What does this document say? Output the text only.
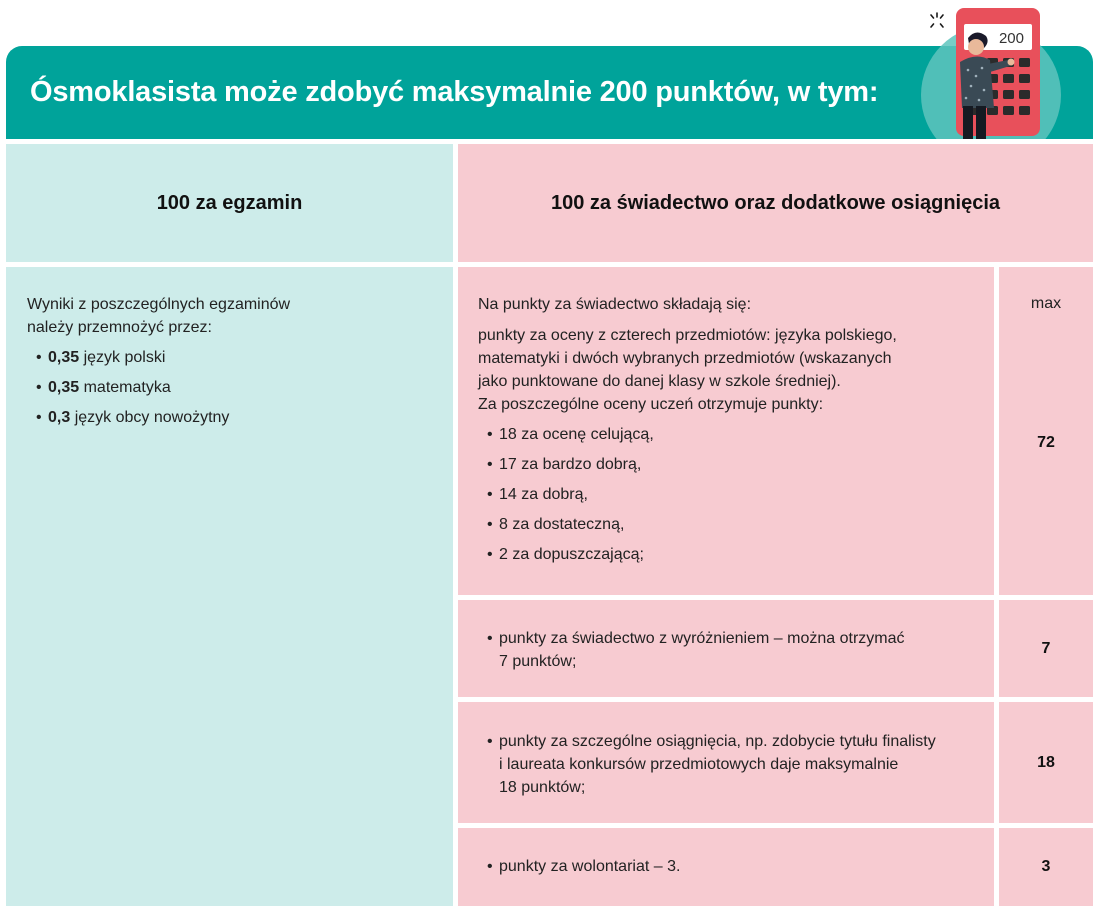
Ósmoklasista może zdobyć maksymalnie 200 punktów, w tym:
200
100 za egzamin	100 za świadectwo oraz dodatkowe osiągnięcia

Wyniki z poszczególnych egzaminów

należy przemnożyć przez:

• 0,35 język polski
• 0,35 matematyka
• 0,3 język obcy nowożytny

Na punkty za świadectwo składają się:

punkty za oceny z czterech przedmiotów: języka polskiego,

matematyki i dwóch wybranych przedmiotów (wskazanych

jako punktowane do danej klasy w szkole średniej).

Za poszczególne oceny uczeń otrzymuje punkty:

• 18 za ocenę celującą,
• 17 za bardzo dobrą,
• 14 za dobrą,
• 8 za dostateczną,
• 2 za dopuszczającą;
max
72
• punkty za świadectwo z wyróżnieniem – można otrzymać
7 punktów;
7
• punkty za szczególne osiągnięcia, np. zdobycie tytułu finalisty
i laureata konkursów przedmiotowych daje maksymalnie
18 punktów;
18
• punkty za wolontariat – 3.	3
